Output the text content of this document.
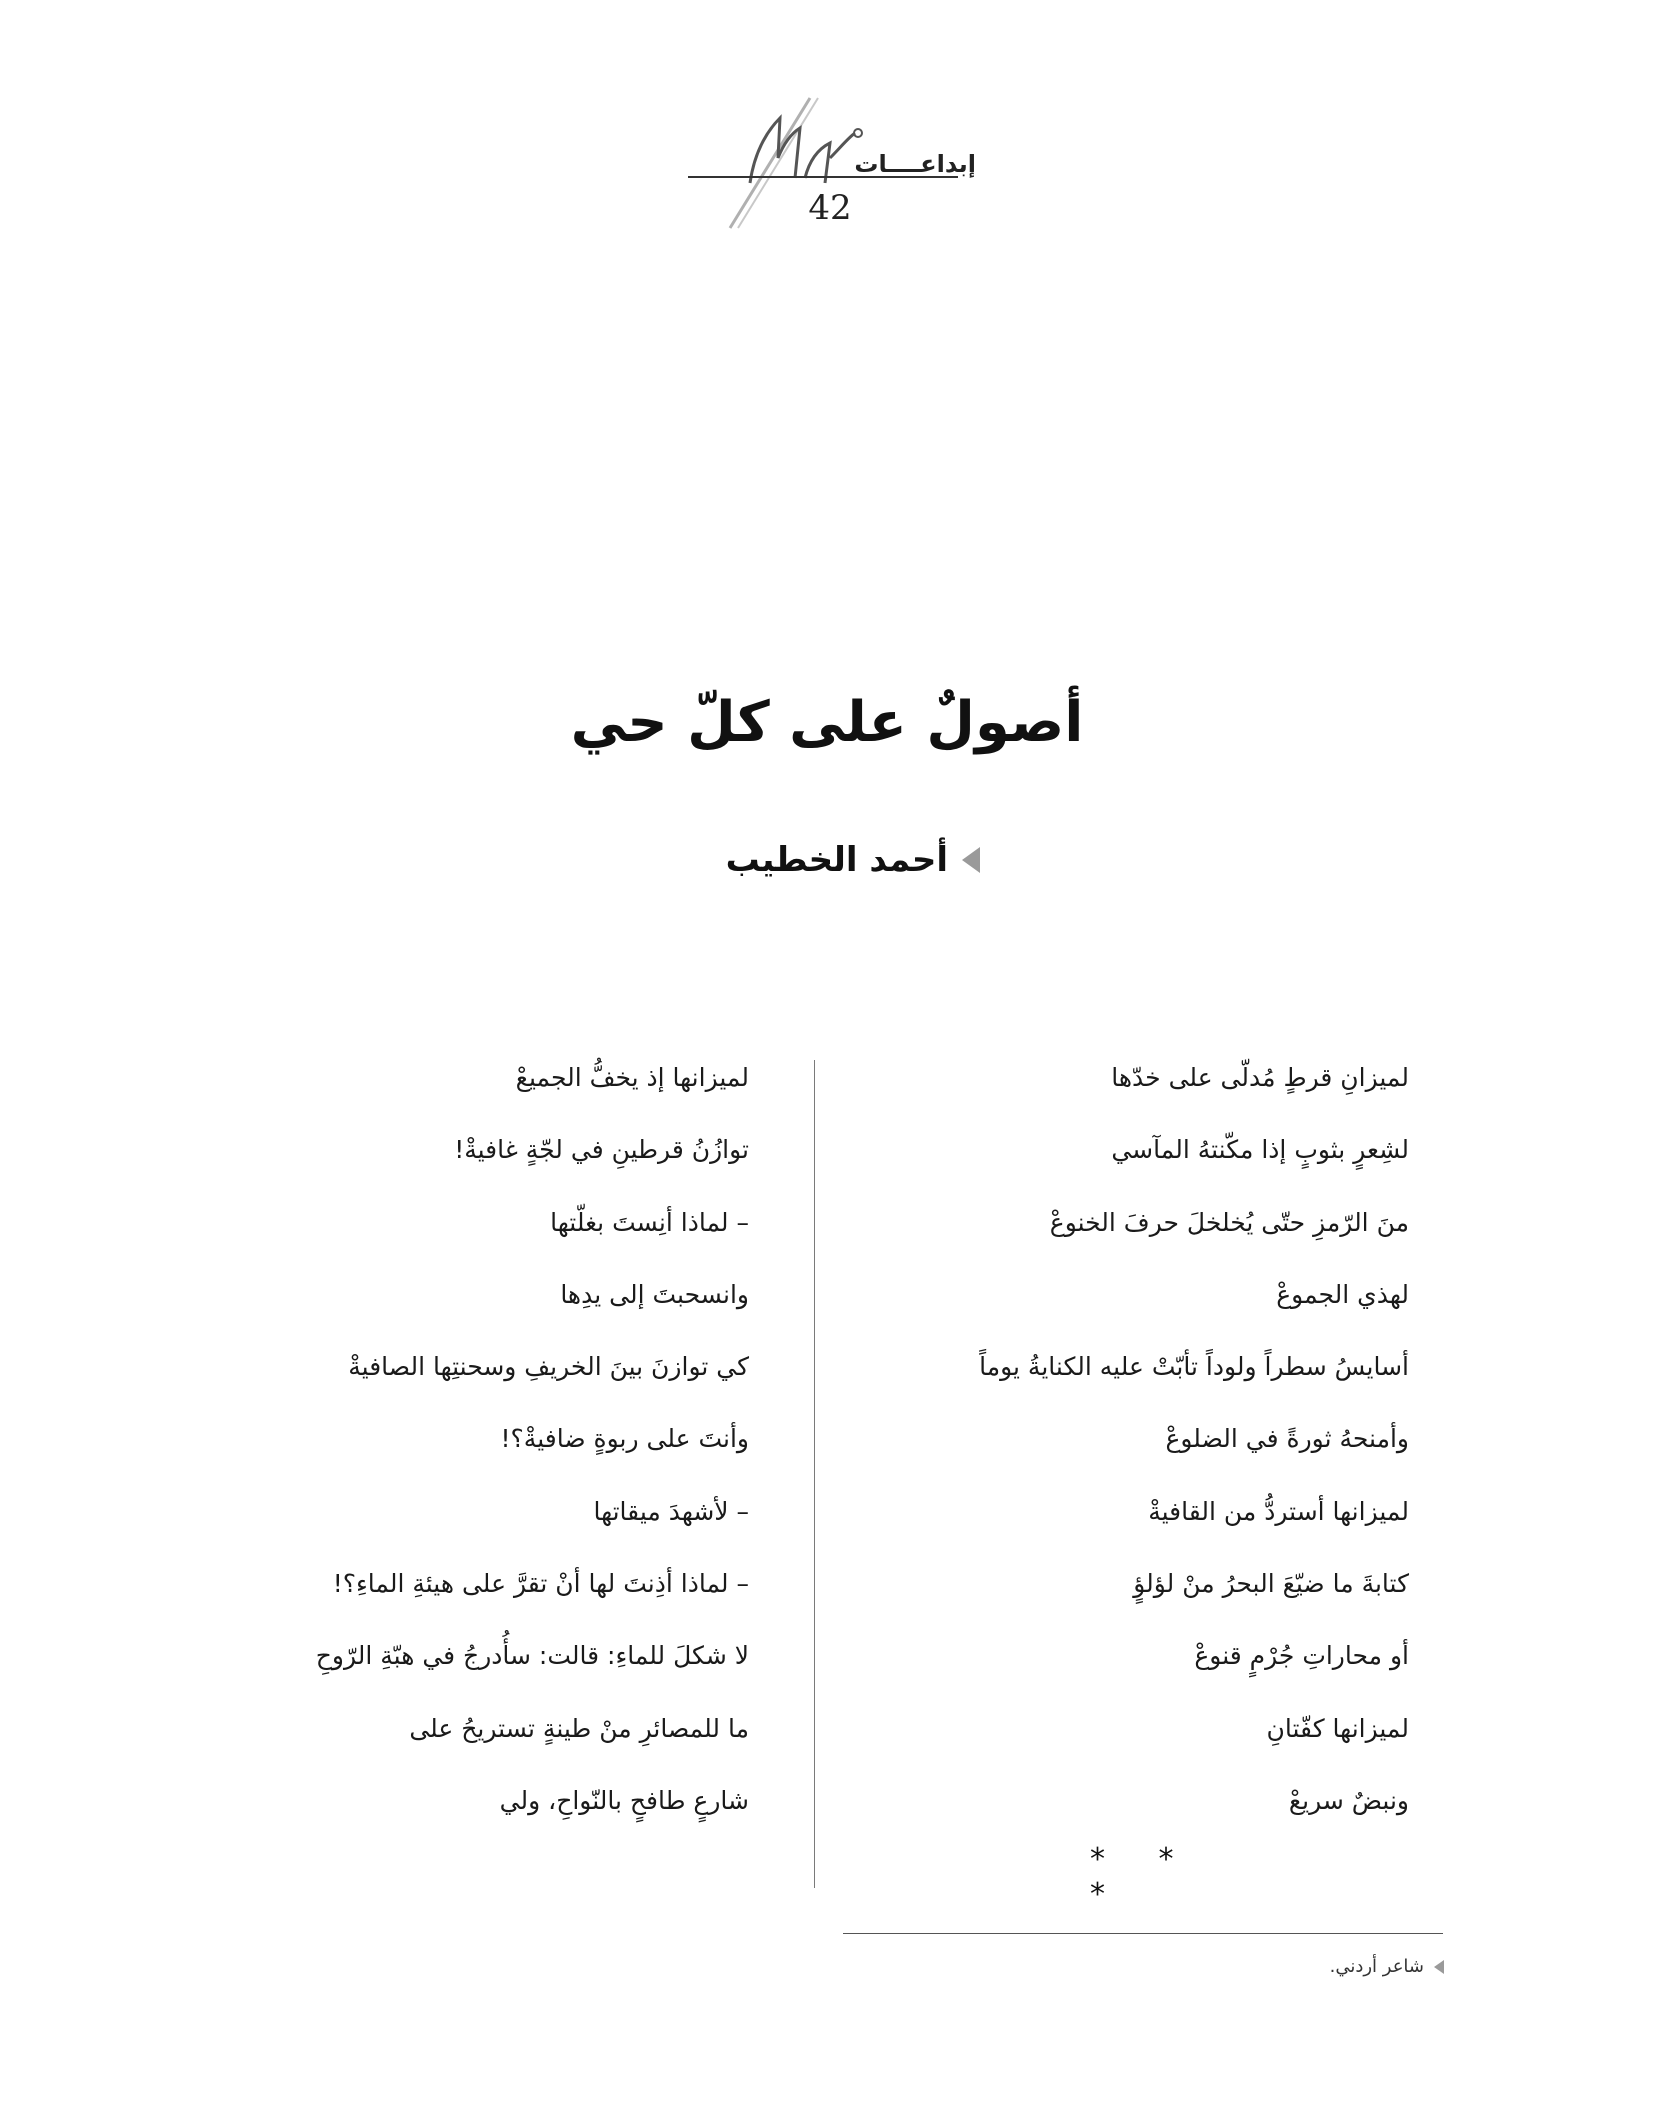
إبداعــــات
42
أصولٌ على كلّ حي
أحمد الخطيب
لميزانِ قرطٍ مُدلّى على خدّها
لشِعرٍ بثوبٍ إذا مكّنتهُ المآسي
منَ الرّمزِ حتّى يُخلخلَ حرفَ الخنوعْ
لهذي الجموعْ
أسايسُ سطراً ولوداً تأبّتْ عليه الكنايةُ يوماً
وأمنحهُ ثورةً في الضلوعْ
لميزانها أستردُّ من القافيةْ
كتابةَ ما ضيّعَ البحرُ منْ لؤلؤٍ
أو محاراتِ جُرْمٍ قنوعْ
لميزانها كفّتانِ
ونبضٌ سريعْ
* * *
لميزانها إذ يخفُّ الجميعْ
توازُنُ قرطينِ في لجّةٍ غافيةْ!
– لماذا أنِستَ بغلّتها
وانسحبتَ إلى يدِها
كي توازنَ بينَ الخريفِ وسحنتِها الصافيةْ
وأنتَ على ربوةٍ ضافيةْ؟!
– لأشهدَ ميقاتها
– لماذا أذِنتَ لها أنْ تقرَّ على هيئةِ الماءِ؟!
لا شكلَ للماءِ: قالت: سأُدرجُ في هبّةِ الرّوحِ
ما للمصائرِ منْ طينةٍ تستريحُ على
شارعٍ طافحٍ بالنّواحِ، ولي
شاعر أردني.
